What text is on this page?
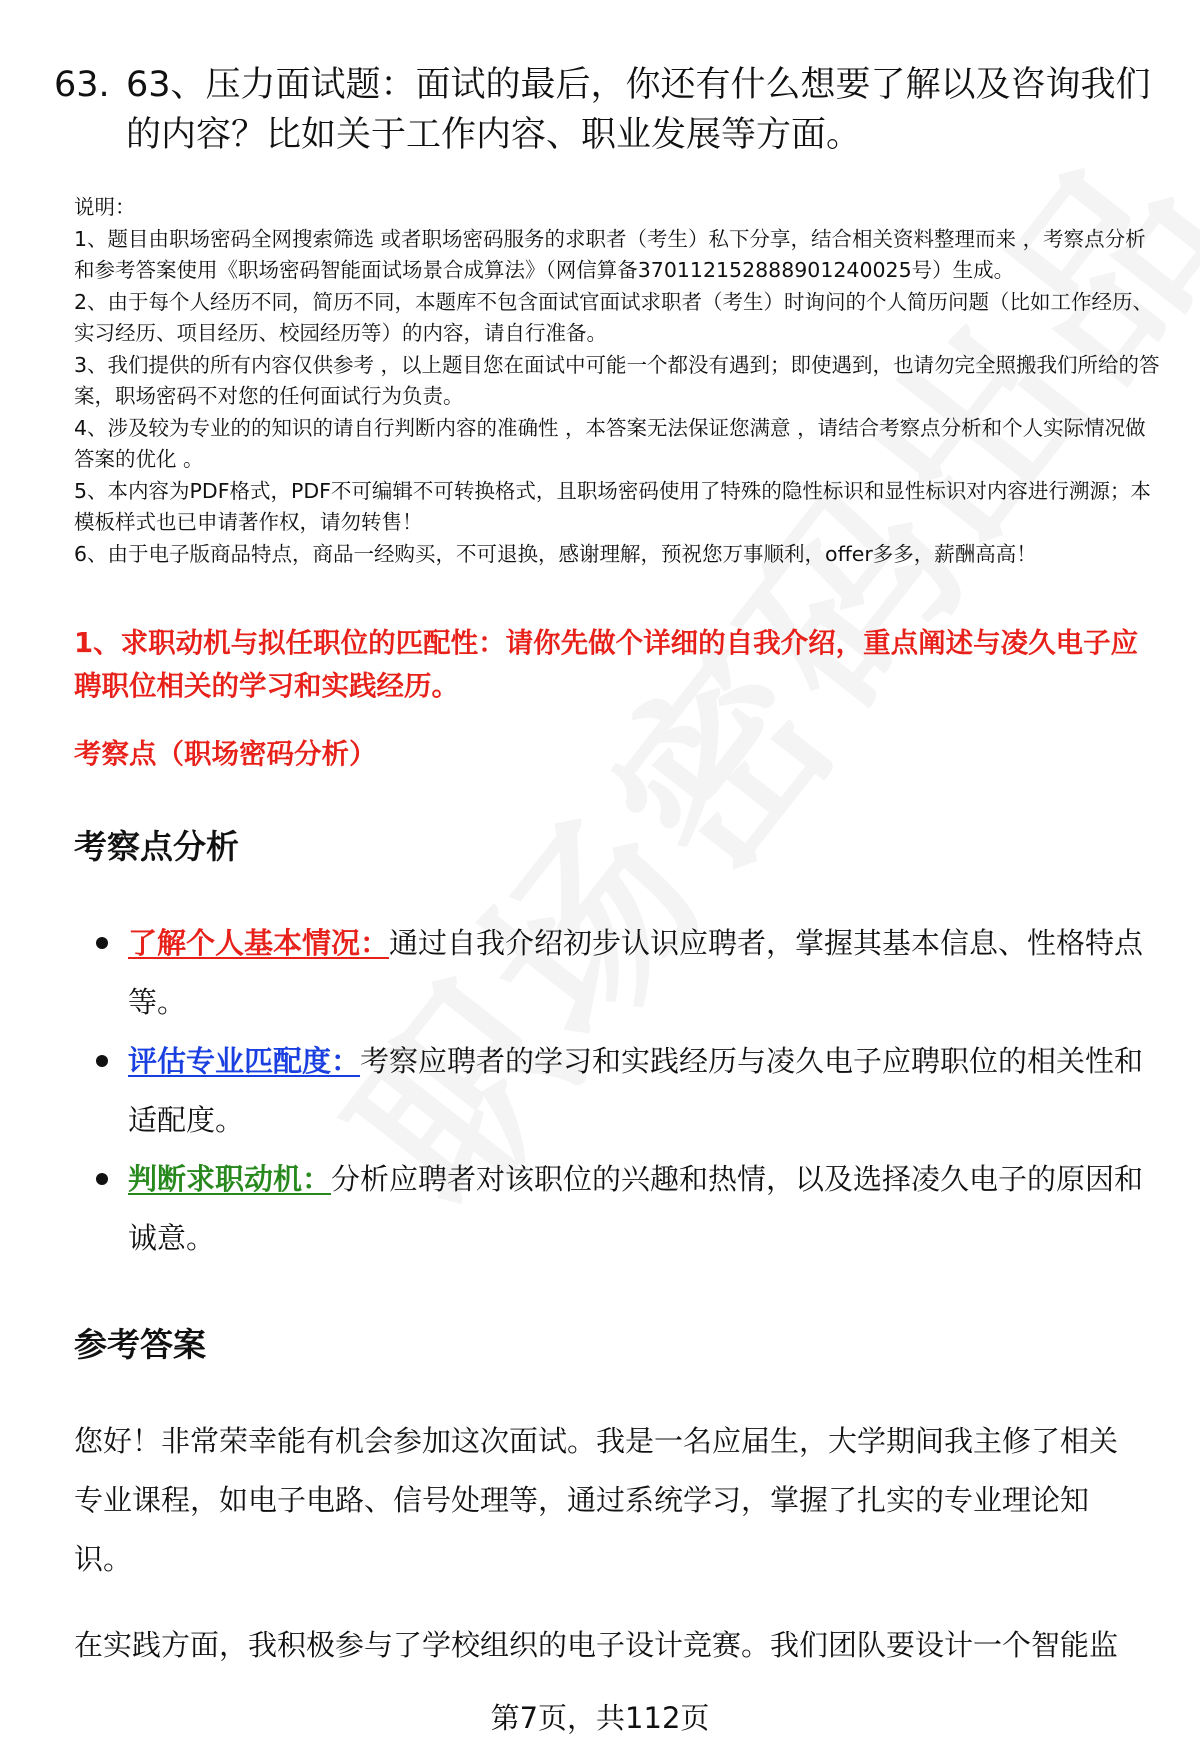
63. 63、压力面试题：面试的最后，你还有什么想要了解以及咨询我们的内容？比如关于工作内容、职业发展等方面。
说明：
1、题目由职场密码全网搜索筛选 或者职场密码服务的求职者（考生）私下分享，结合相关资料整理而来 ，考察点分析和参考答案使用《职场密码智能面试场景合成算法》（网信算备370112152888901240025号）生成。
2、由于每个人经历不同，简历不同，本题库不包含面试官面试求职者（考生）时询问的个人简历问题（比如工作经历、实习经历、项目经历、校园经历等）的内容，请自行准备。
3、我们提供的所有内容仅供参考 ，以上题目您在面试中可能一个都没有遇到；即使遇到，也请勿完全照搬我们所给的答案，职场密码不对您的任何面试行为负责。
4、涉及较为专业的的知识的请自行判断内容的准确性 ，本答案无法保证您满意 ，请结合考察点分析和个人实际情况做答案的优化 。
5、本内容为PDF格式，PDF不可编辑不可转换格式，且职场密码使用了特殊的隐性标识和显性标识对内容进行溯源；本模板样式也已申请著作权，请勿转售！
6、由于电子版商品特点，商品一经购买，不可退换，感谢理解，预祝您万事顺利，offer多多，薪酬高高！
1、求职动机与拟任职位的匹配性：请你先做个详细的自我介绍，重点阐述与凌久电子应聘职位相关的学习和实践经历。
考察点（职场密码分析）
考察点分析
了解个人基本情况：通过自我介绍初步认识应聘者，掌握其基本信息、性格特点等。
评估专业匹配度：考察应聘者的学习和实践经历与凌久电子应聘职位的相关性和适配度。
判断求职动机：分析应聘者对该职位的兴趣和热情，以及选择凌久电子的原因和诚意。
参考答案
您好！非常荣幸能有机会参加这次面试。我是一名应届生，大学期间我主修了相关专业课程，如电子电路、信号处理等，通过系统学习，掌握了扎实的专业理论知识。
在实践方面，我积极参与了学校组织的电子设计竞赛。我们团队要设计一个智能监
第7页，共112页
